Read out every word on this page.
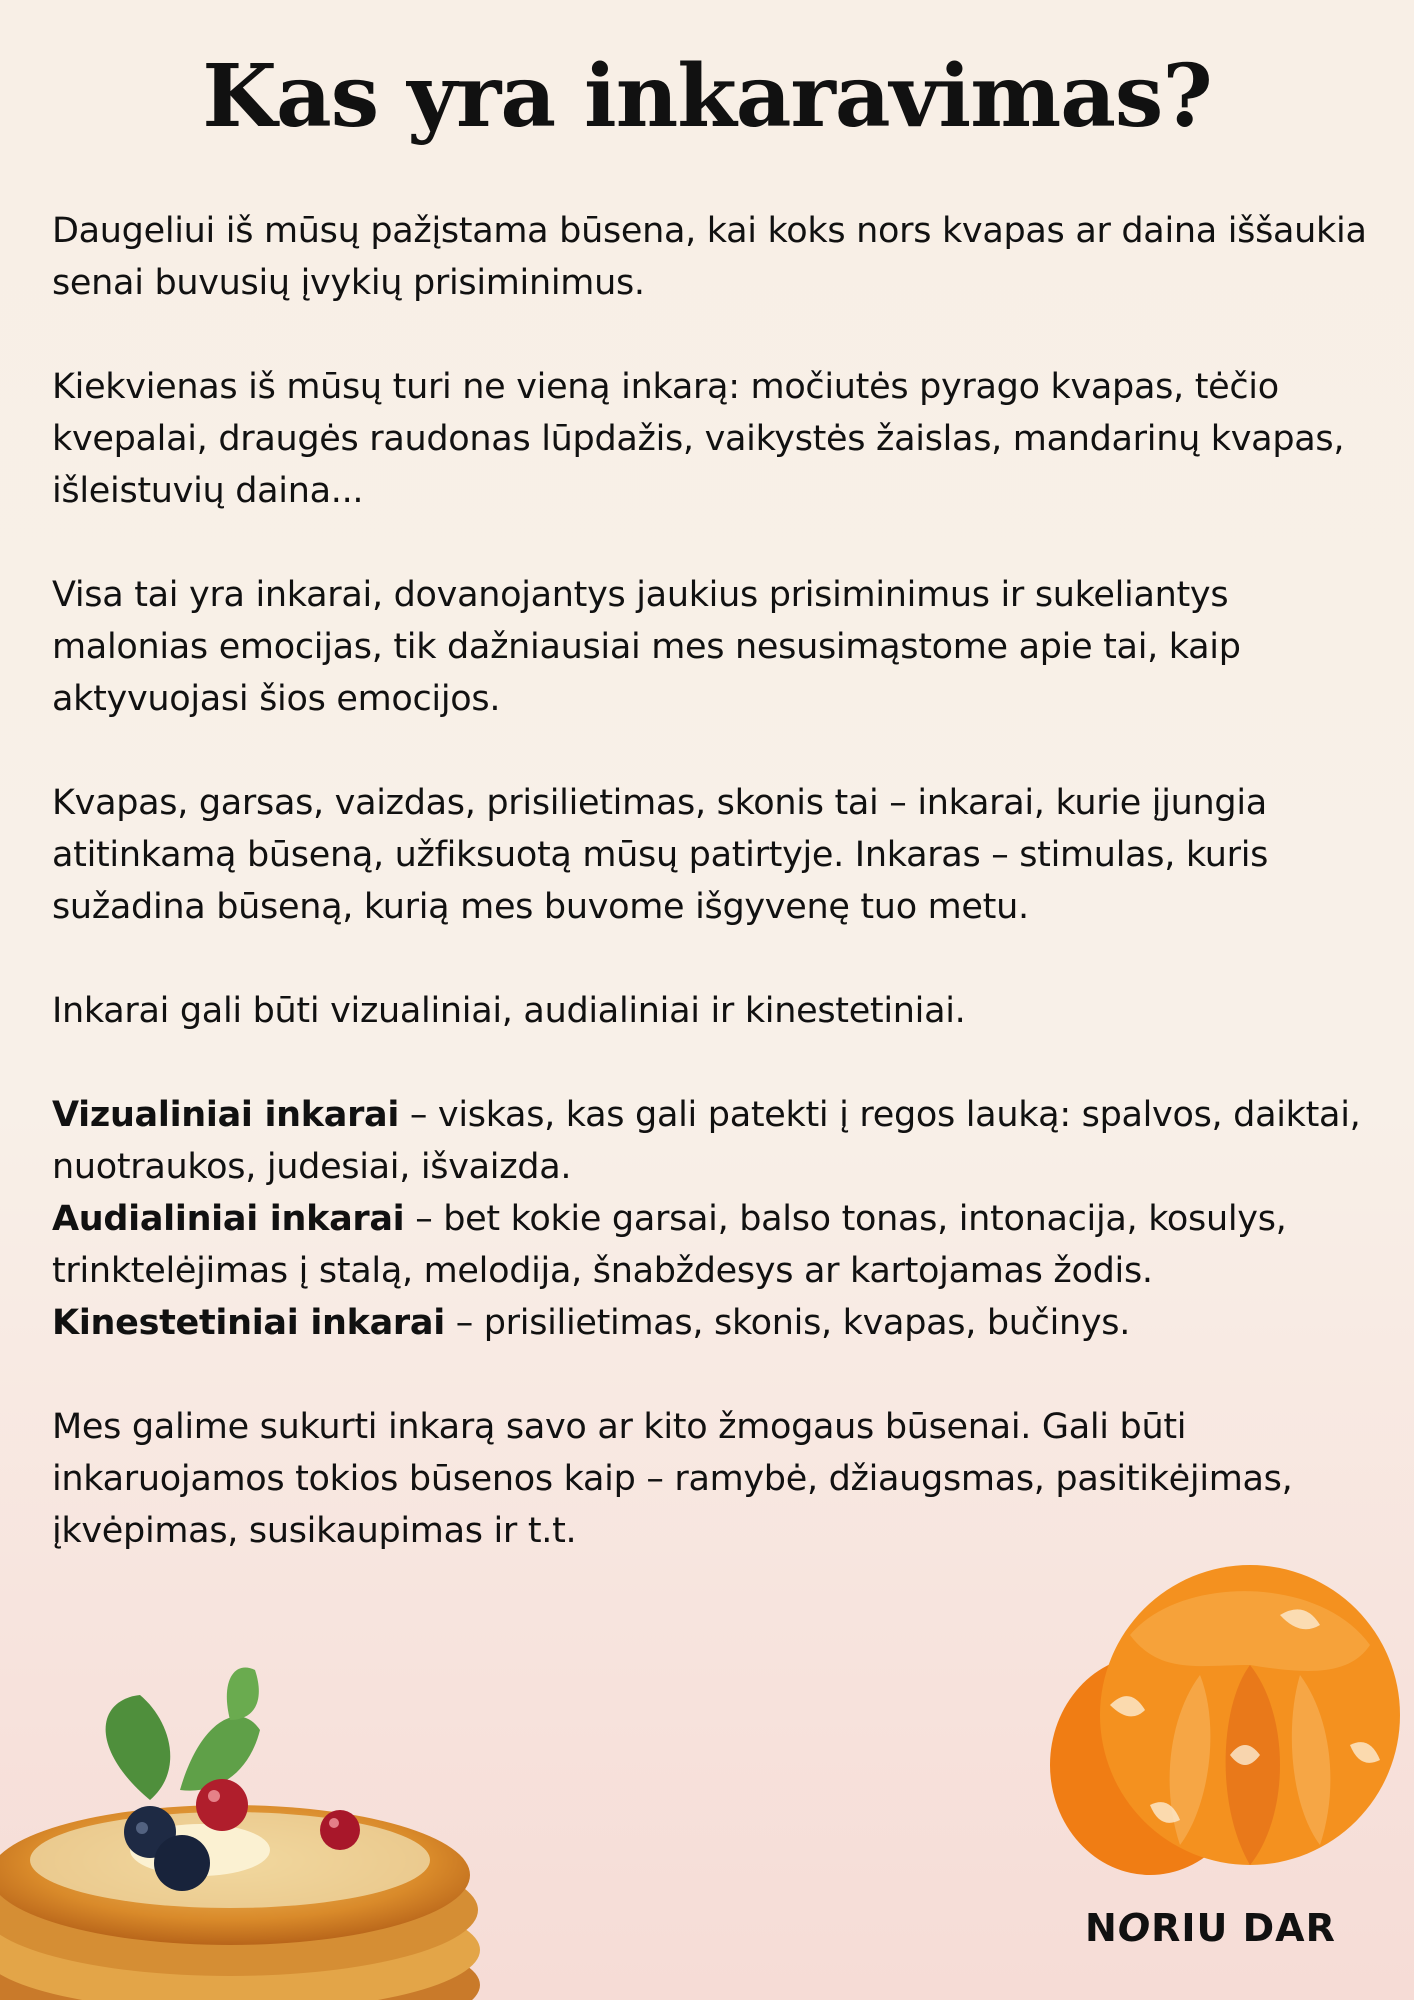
Kas yra inkaravimas?

Daugeliui iš mūsų pažįstama būsena, kai koks nors kvapas ar daina iššaukia senai buvusių įvykių prisiminimus.

Kiekvienas iš mūsų turi ne vieną inkarą: močiutės pyrago kvapas, tėčio kvepalai, draugės raudonas lūpdažis, vaikystės žaislas, mandarinų kvapas, išleistuvių daina...

Visa tai yra inkarai, dovanojantys jaukius prisiminimus ir sukeliantys malonias emocijas, tik dažniausiai mes nesusimąstome apie tai, kaip aktyvuojasi šios emocijos.

Kvapas, garsas, vaizdas, prisilietimas, skonis tai – inkarai, kurie įjungia atitinkamą būseną, užfiksuotą mūsų patirtyje. Inkaras – stimulas, kuris sužadina būseną, kurią mes buvome išgyvenę tuo metu.

Inkarai gali būti vizualiniai, audialiniai ir kinestetiniai.

Vizualiniai inkarai – viskas, kas gali patekti į regos lauką: spalvos, daiktai, nuotraukos, judesiai, išvaizda.

Audialiniai inkarai – bet kokie garsai, balso tonas, intonacija, kosulys, trinktelėjimas į stalą, melodija, šnabždesys ar kartojamas žodis.

Kinestetiniai inkarai – prisilietimas, skonis, kvapas, bučinys.

Mes galime sukurti inkarą savo ar kito žmogaus būsenai. Gali būti inkaruojamos tokios būsenos kaip – ramybė, džiaugsmas, pasitikėjimas, įkvėpimas, susikaupimas ir t.t.

NORIU DAR
